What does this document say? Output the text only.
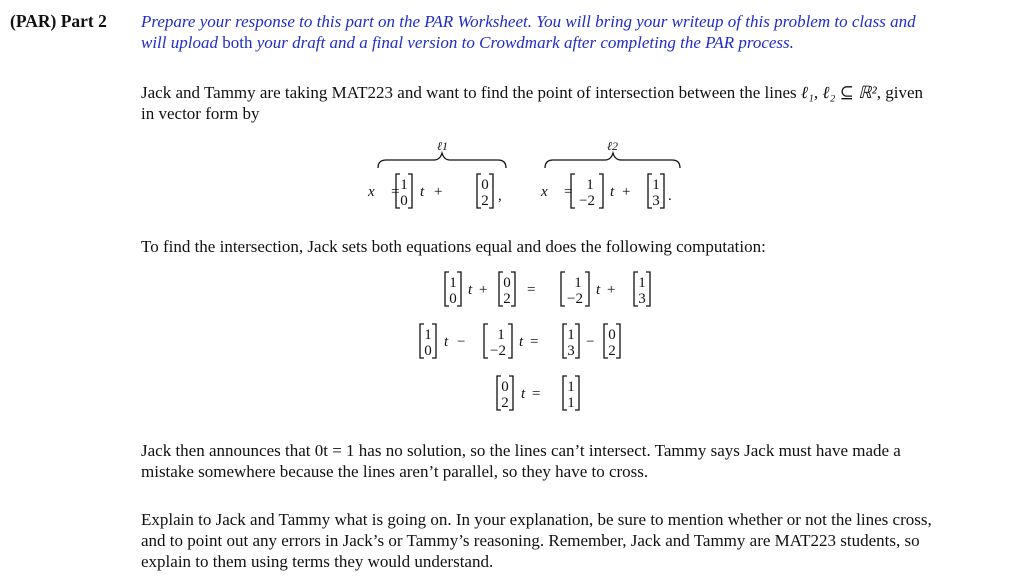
(PAR) Part 2 Prepare your response to this part on the PAR Worksheet. You will bring your writeup of this problem to class and will upload both your draft and a final version to Crowdmark after completing the PAR process.
Jack and Tammy are taking MAT223 and want to find the point of intersection between the lines ℓ₁, ℓ₂ ⊆ ℝ², given in vector form by
To find the intersection, Jack sets both equations equal and does the following computation:
Jack then announces that 0t = 1 has no solution, so the lines can’t intersect. Tammy says Jack must have made a mistake somewhere because the lines aren’t parallel, so they have to cross.
Explain to Jack and Tammy what is going on. In your explanation, be sure to mention whether or not the lines cross, and to point out any errors in Jack’s or Tammy’s reasoning. Remember, Jack and Tammy are MAT223 students, so explain to them using terms they would understand.
ℓ1	ℓ2
x⃗ = 1
0
t +	0
2 ,	x⃗ = 1
−2
t + 1
3 .
1
0
t + 0
2
=	1
−2
t + 1
3
1
0
t − 1
−2
t = 1
3
− 0
2
0
2
t = 1
1
